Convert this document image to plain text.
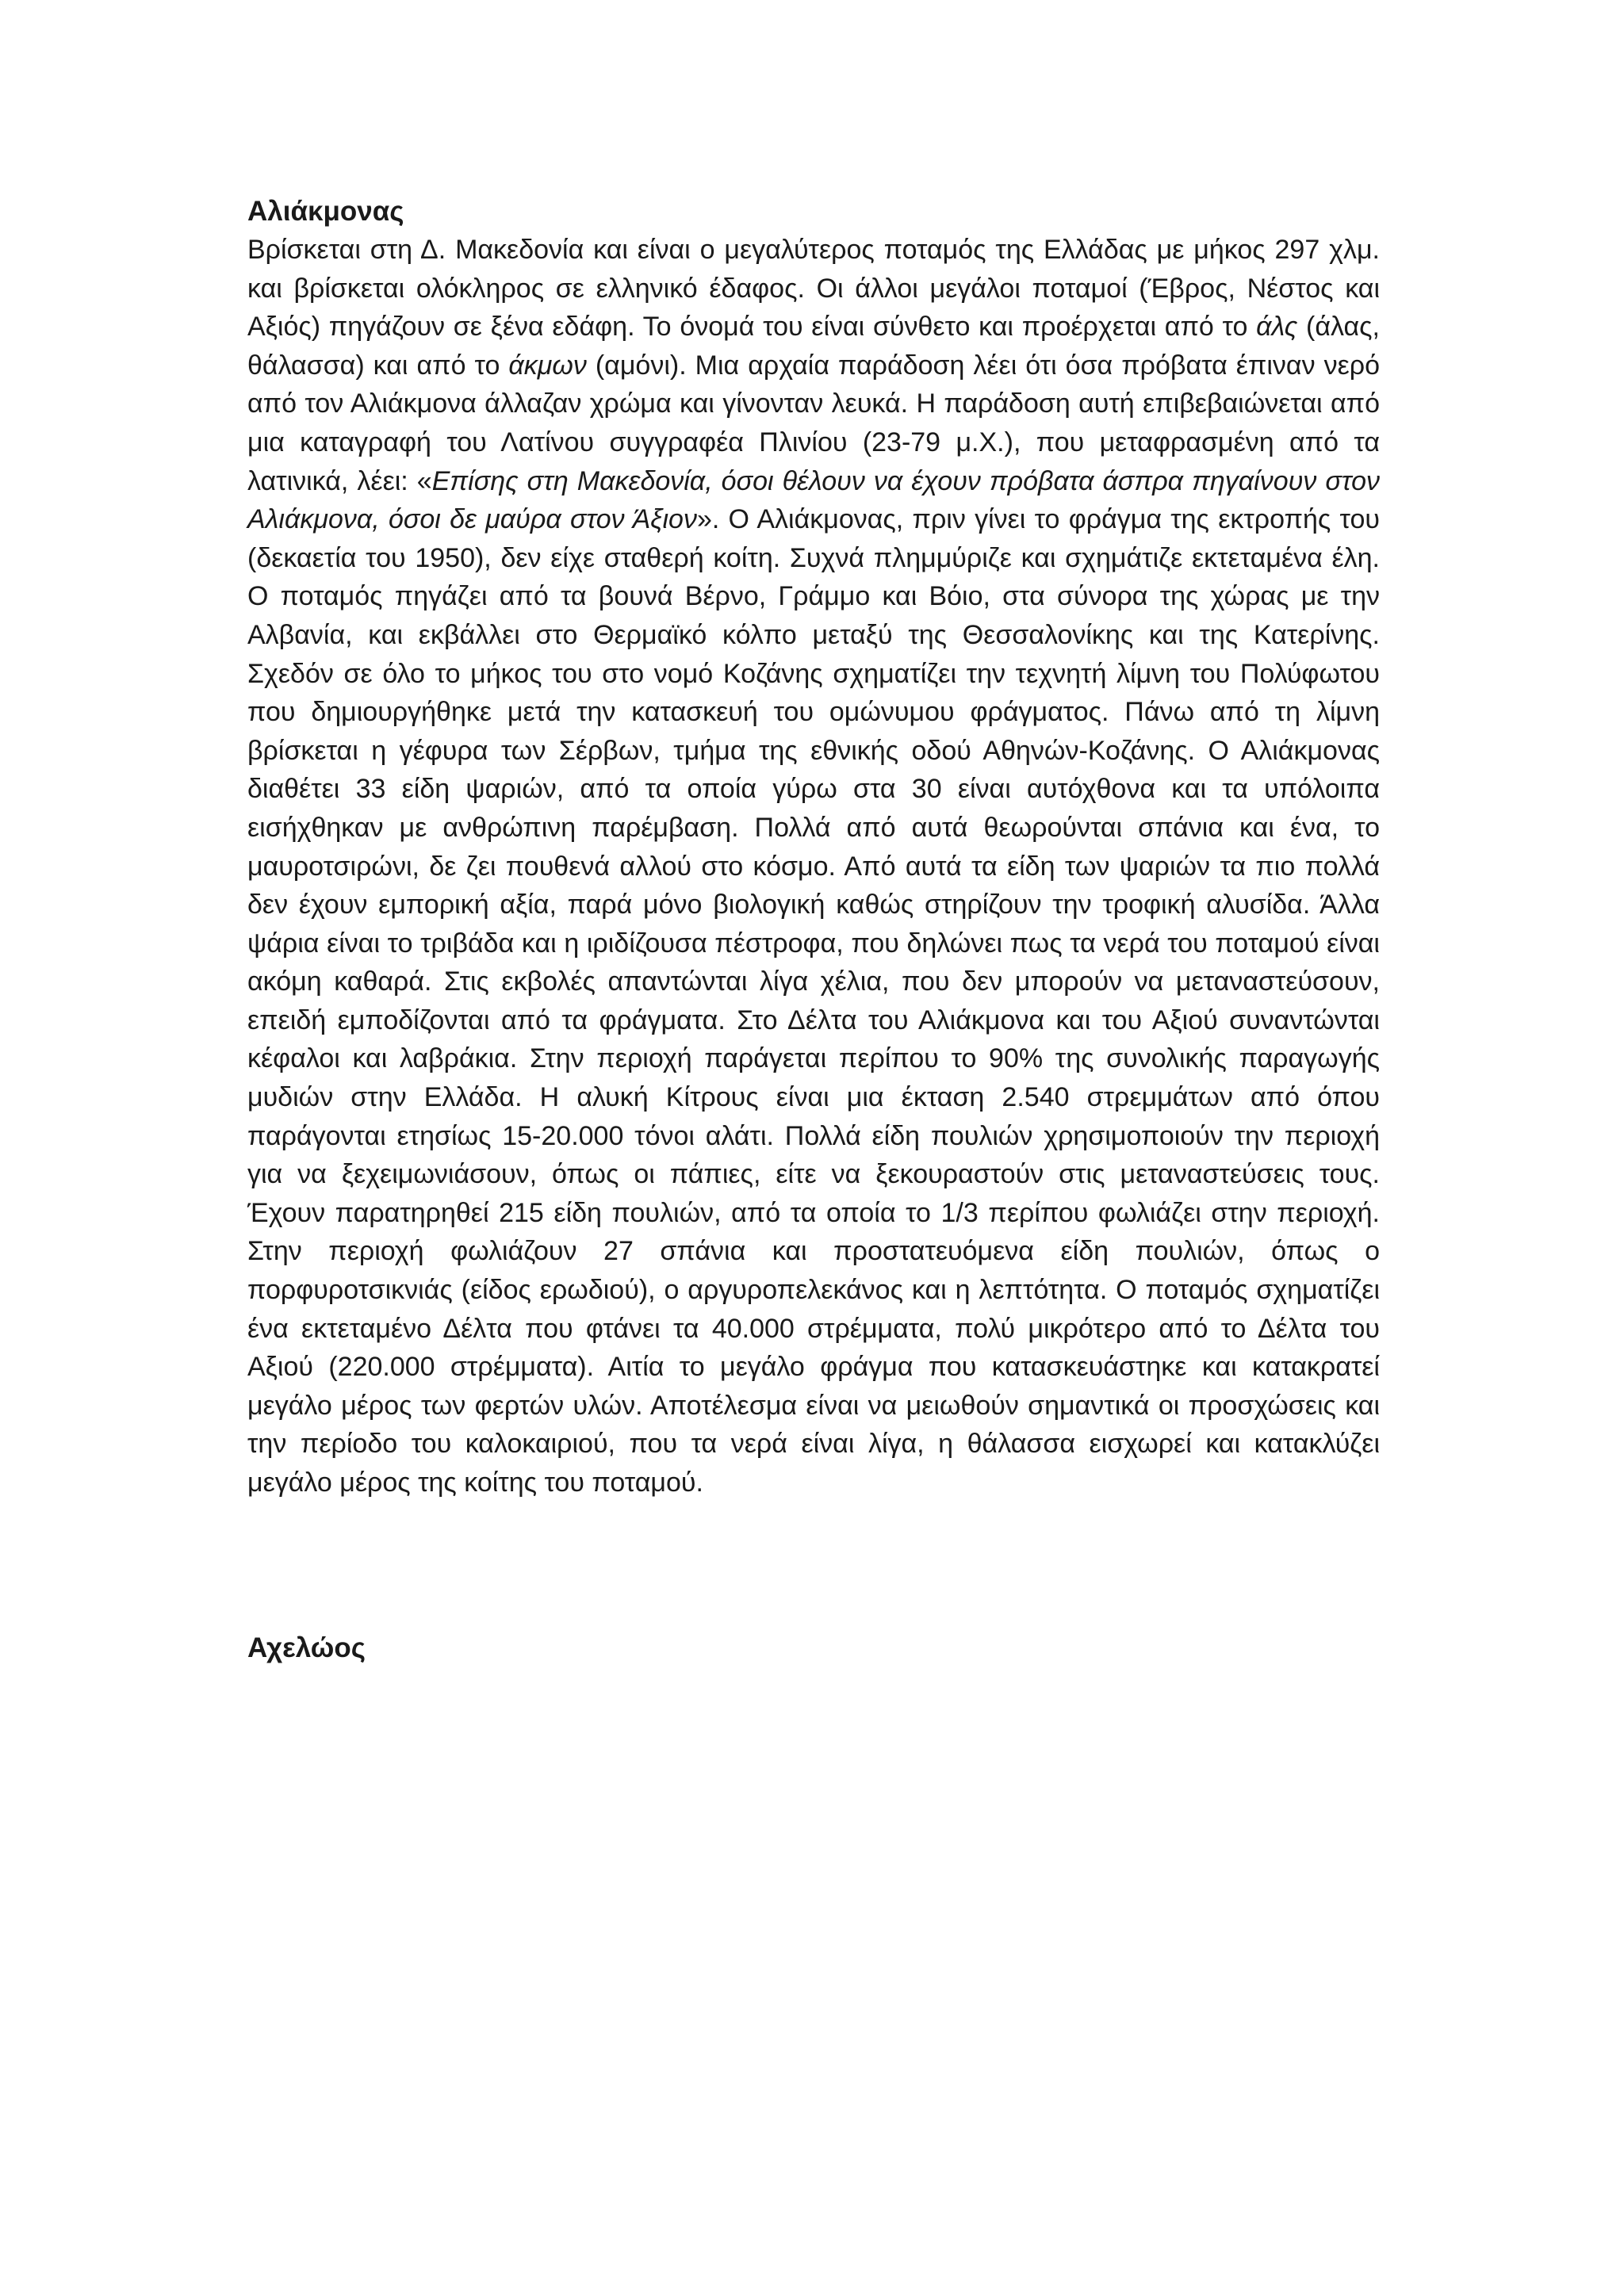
Αλιάκμονας

Βρίσκεται στη Δ. Μακεδονία και είναι ο μεγαλύτερος ποταμός της Ελλάδας με μήκος 297 χλμ. και βρίσκεται ολόκληρος σε ελληνικό έδαφος. Οι άλλοι μεγάλοι ποταμοί (Έβρος, Νέστος και Αξιός) πηγάζουν σε ξένα εδάφη. Το όνομά του είναι σύνθετο και προέρχεται από το άλς (άλας, θάλασσα) και από το άκμων (αμόνι). Μια αρχαία παράδοση λέει ότι όσα πρόβατα έπιναν νερό από τον Αλιάκμονα άλλαζαν χρώμα και γίνονταν λευκά. Η παράδοση αυτή επιβεβαιώνεται από μια καταγραφή του Λατίνου συγγραφέα Πλινίου (23-79 μ.Χ.), που μεταφρασμένη από τα λατινικά, λέει: «Επίσης στη Μακεδονία, όσοι θέλουν να έχουν πρόβατα άσπρα πηγαίνουν στον Αλιάκμονα, όσοι δε μαύρα στον Άξιον». Ο Αλιάκμονας, πριν γίνει το φράγμα της εκτροπής του (δεκαετία του 1950), δεν είχε σταθερή κοίτη. Συχνά πλημμύριζε και σχημάτιζε εκτεταμένα έλη. Ο ποταμός πηγάζει από τα βουνά Βέρνο, Γράμμο και Βόιο, στα σύνορα της χώρας με την Αλβανία, και εκβάλλει στο Θερμαϊκό κόλπο μεταξύ της Θεσσαλονίκης και της Κατερίνης. Σχεδόν σε όλο το μήκος του στο νομό Κοζάνης σχηματίζει την τεχνητή λίμνη του Πολύφωτου που δημιουργήθηκε μετά την κατασκευή του ομώνυμου φράγματος. Πάνω από τη λίμνη βρίσκεται η γέφυρα των Σέρβων, τμήμα της εθνικής οδού Αθηνών-Κοζάνης. Ο Αλιάκμονας διαθέτει 33 είδη ψαριών, από τα οποία γύρω στα 30 είναι αυτόχθονα και τα υπόλοιπα εισήχθηκαν με ανθρώπινη παρέμβαση. Πολλά από αυτά θεωρούνται σπάνια και ένα, το μαυροτσιρώνι, δε ζει πουθενά αλλού στο κόσμο. Από αυτά τα είδη των ψαριών τα πιο πολλά δεν έχουν εμπορική αξία, παρά μόνο βιολογική καθώς στηρίζουν την τροφική αλυσίδα. Άλλα ψάρια είναι το τριβάδα και η ιριδίζουσα πέστροφα, που δηλώνει πως τα νερά του ποταμού είναι ακόμη καθαρά. Στις εκβολές απαντώνται λίγα χέλια, που δεν μπορούν να μεταναστεύσουν, επειδή εμποδίζονται από τα φράγματα. Στο Δέλτα του Αλιάκμονα και του Αξιού συναντώνται κέφαλοι και λαβράκια. Στην περιοχή παράγεται περίπου το 90% της συνολικής παραγωγής μυδιών στην Ελλάδα. Η αλυκή Κίτρους είναι μια έκταση 2.540 στρεμμάτων από όπου παράγονται ετησίως 15-20.000 τόνοι αλάτι. Πολλά είδη πουλιών χρησιμοποιούν την περιοχή για να ξεχειμωνιάσουν, όπως οι πάπιες, είτε να ξεκουραστούν στις μεταναστεύσεις τους. Έχουν παρατηρηθεί 215 είδη πουλιών, από τα οποία το 1/3 περίπου φωλιάζει στην περιοχή. Στην περιοχή φωλιάζουν 27 σπάνια και προστατευόμενα είδη πουλιών, όπως ο πορφυροτσικνιάς (είδος ερωδιού), ο αργυροπελεκάνος και η λεπτότητα. Ο ποταμός σχηματίζει ένα εκτεταμένο Δέλτα που φτάνει τα 40.000 στρέμματα, πολύ μικρότερο από το Δέλτα του Αξιού (220.000 στρέμματα). Αιτία το μεγάλο φράγμα που κατασκευάστηκε και κατακρατεί μεγάλο μέρος των φερτών υλών. Αποτέλεσμα είναι να μειωθούν σημαντικά οι προσχώσεις και την περίοδο του καλοκαιριού, που τα νερά είναι λίγα, η θάλασσα εισχωρεί και κατακλύζει μεγάλο μέρος της κοίτης του ποταμού.

Αχελώος
